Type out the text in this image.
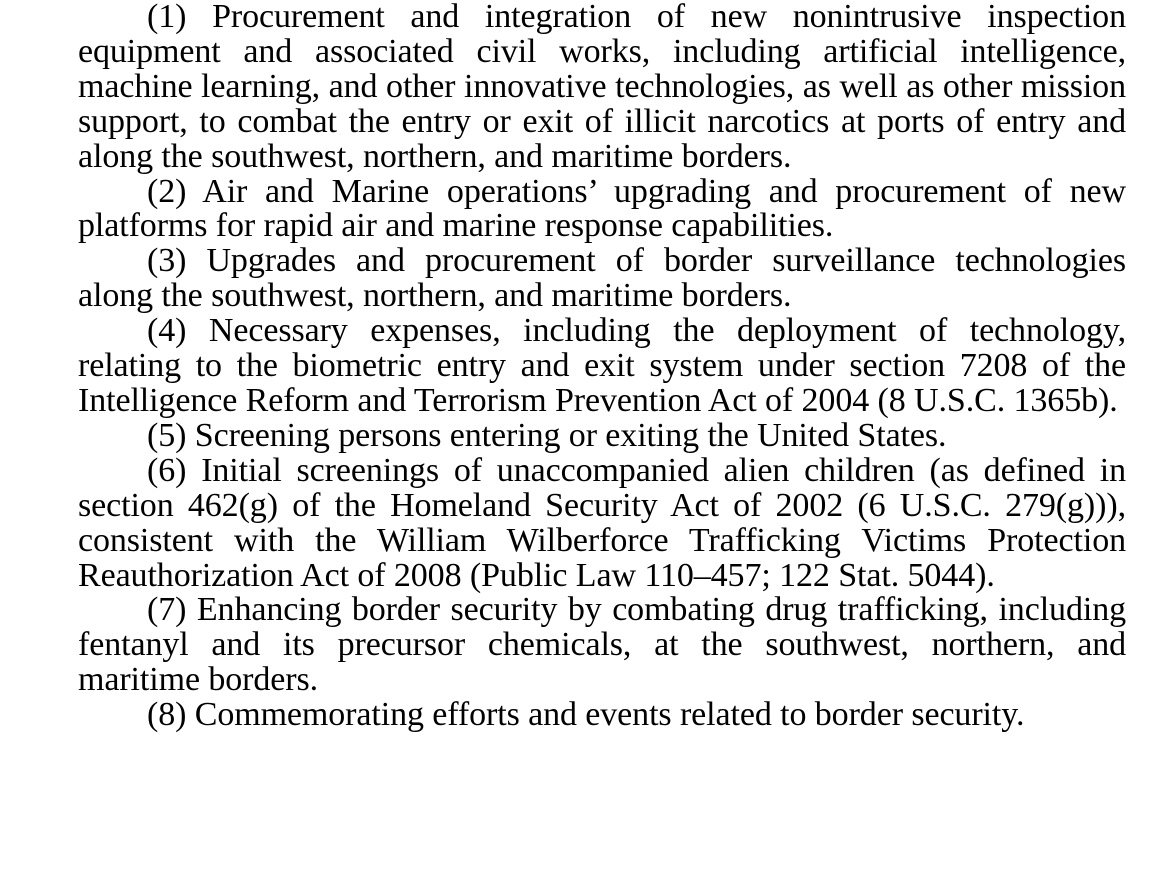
(1) Procurement and integration of new nonintrusive inspection equipment and associated civil works, including artificial intelligence, machine learning, and other innovative technologies, as well as other mission support, to combat the entry or exit of illicit narcotics at ports of entry and along the southwest, northern, and maritime borders.

(2) Air and Marine operations’ upgrading and procurement of new platforms for rapid air and marine response capabilities.

(3) Upgrades and procurement of border surveillance technologies along the southwest, northern, and maritime borders.

(4) Necessary expenses, including the deployment of technology, relating to the biometric entry and exit system under section 7208 of the Intelligence Reform and Terrorism Prevention Act of 2004 (8 U.S.C. 1365b).

(5) Screening persons entering or exiting the United States.

(6) Initial screenings of unaccompanied alien children (as defined in section 462(g) of the Homeland Security Act of 2002 (6 U.S.C. 279(g))), consistent with the William Wilberforce Trafficking Victims Protection Reauthorization Act of 2008 (Public Law 110–457; 122 Stat. 5044).

(7) Enhancing border security by combating drug trafficking, including fentanyl and its precursor chemicals, at the southwest, northern, and maritime borders.

(8) Commemorating efforts and events related to border security.
